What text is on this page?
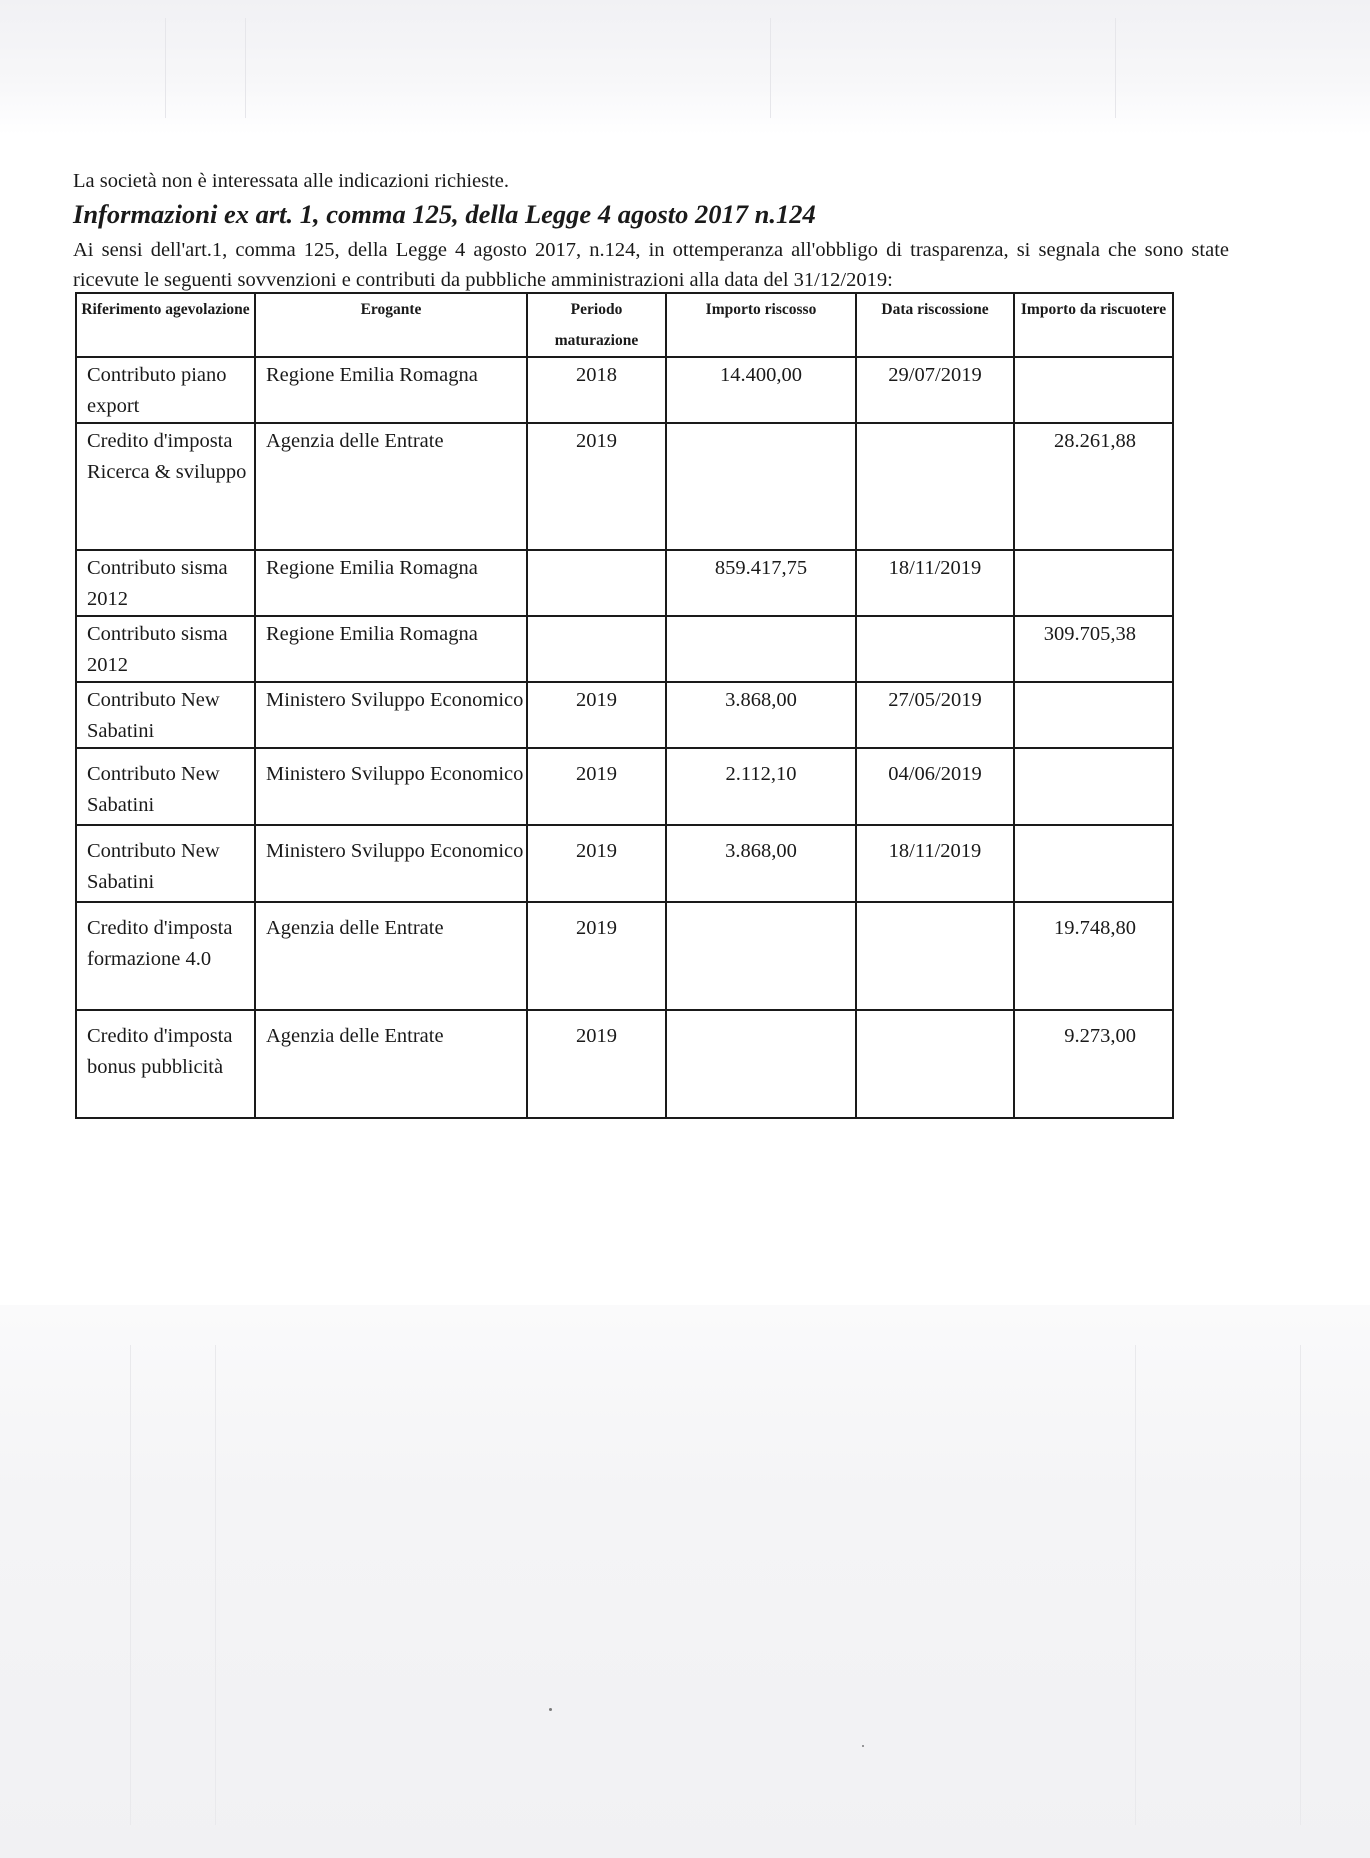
La società non è interessata alle indicazioni richieste.
Informazioni ex art. 1, comma 125, della Legge 4 agosto 2017 n.124
Ai sensi dell'art.1, comma 125, della Legge 4 agosto 2017, n.124, in ottemperanza all'obbligo di trasparenza, si segnala che sono state ricevute le seguenti sovvenzioni e contributi da pubbliche amministrazioni alla data del 31/12/2019:
Riferimento agevolazione	Erogante	Periodo maturazione	Importo riscosso	Data riscossione	Importo da riscuotere
Contributo piano export	Regione Emilia Romagna	2018	14.400,00	29/07/2019	
Credito d'imposta Ricerca & sviluppo	Agenzia delle Entrate	2019			28.261,88
Contributo sisma 2012	Regione Emilia Romagna		859.417,75	18/11/2019	
Contributo sisma 2012	Regione Emilia Romagna				309.705,38
Contributo New Sabatini	Ministero Sviluppo Economico	2019	3.868,00	27/05/2019	
Contributo New Sabatini	Ministero Sviluppo Economico	2019	2.112,10	04/06/2019	
Contributo New Sabatini	Ministero Sviluppo Economico	2019	3.868,00	18/11/2019	
Credito d'imposta formazione 4.0	Agenzia delle Entrate	2019			19.748,80
Credito d'imposta bonus pubblicità	Agenzia delle Entrate	2019			9.273,00
